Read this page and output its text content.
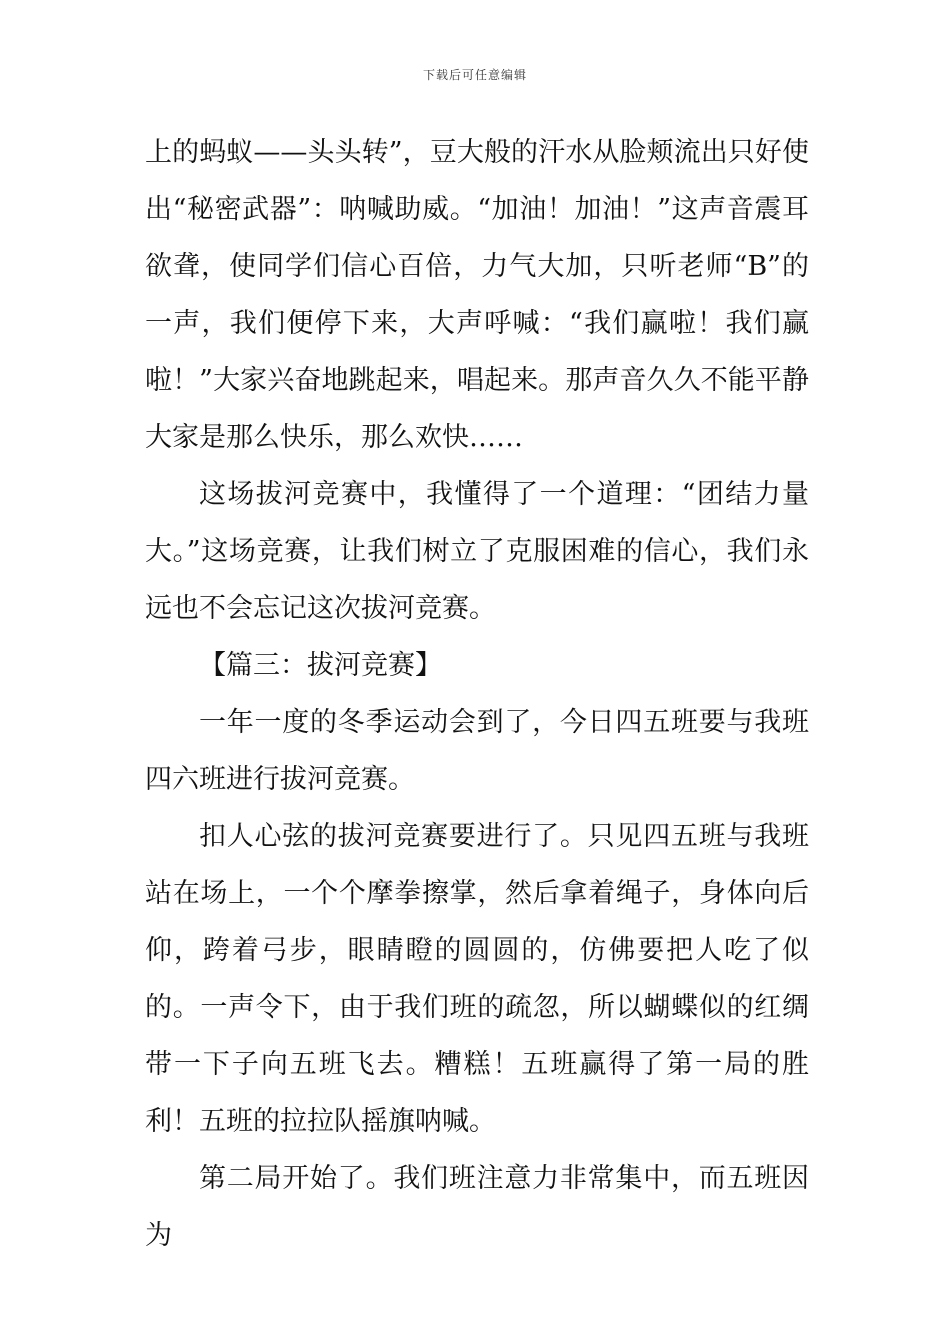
下载后可任意编辑

上的蚂蚁——头头转”，豆大般的汗水从脸颊流出只好使出“秘密武器”：呐喊助威。“加油！加油！”这声音震耳欲聋，使同学们信心百倍，力气大加，只听老师“B”的一声，我们便停下来，大声呼喊：“我们赢啦！我们赢啦！”大家兴奋地跳起来，唱起来。那声音久久不能平静大家是那么快乐，那么欢快……

这场拔河竞赛中，我懂得了一个道理：“团结力量大。”这场竞赛，让我们树立了克服困难的信心，我们永远也不会忘记这次拔河竞赛。

【篇三：拔河竞赛】

一年一度的冬季运动会到了，今日四五班要与我班四六班进行拔河竞赛。

扣人心弦的拔河竞赛要进行了。只见四五班与我班站在场上，一个个摩拳擦掌，然后拿着绳子，身体向后仰，跨着弓步，眼睛瞪的圆圆的，仿佛要把人吃了似的。一声令下，由于我们班的疏忽，所以蝴蝶似的红绸带一下子向五班飞去。糟糕！五班赢得了第一局的胜利！五班的拉拉队摇旗呐喊。

第二局开始了。我们班注意力非常集中，而五班因为
